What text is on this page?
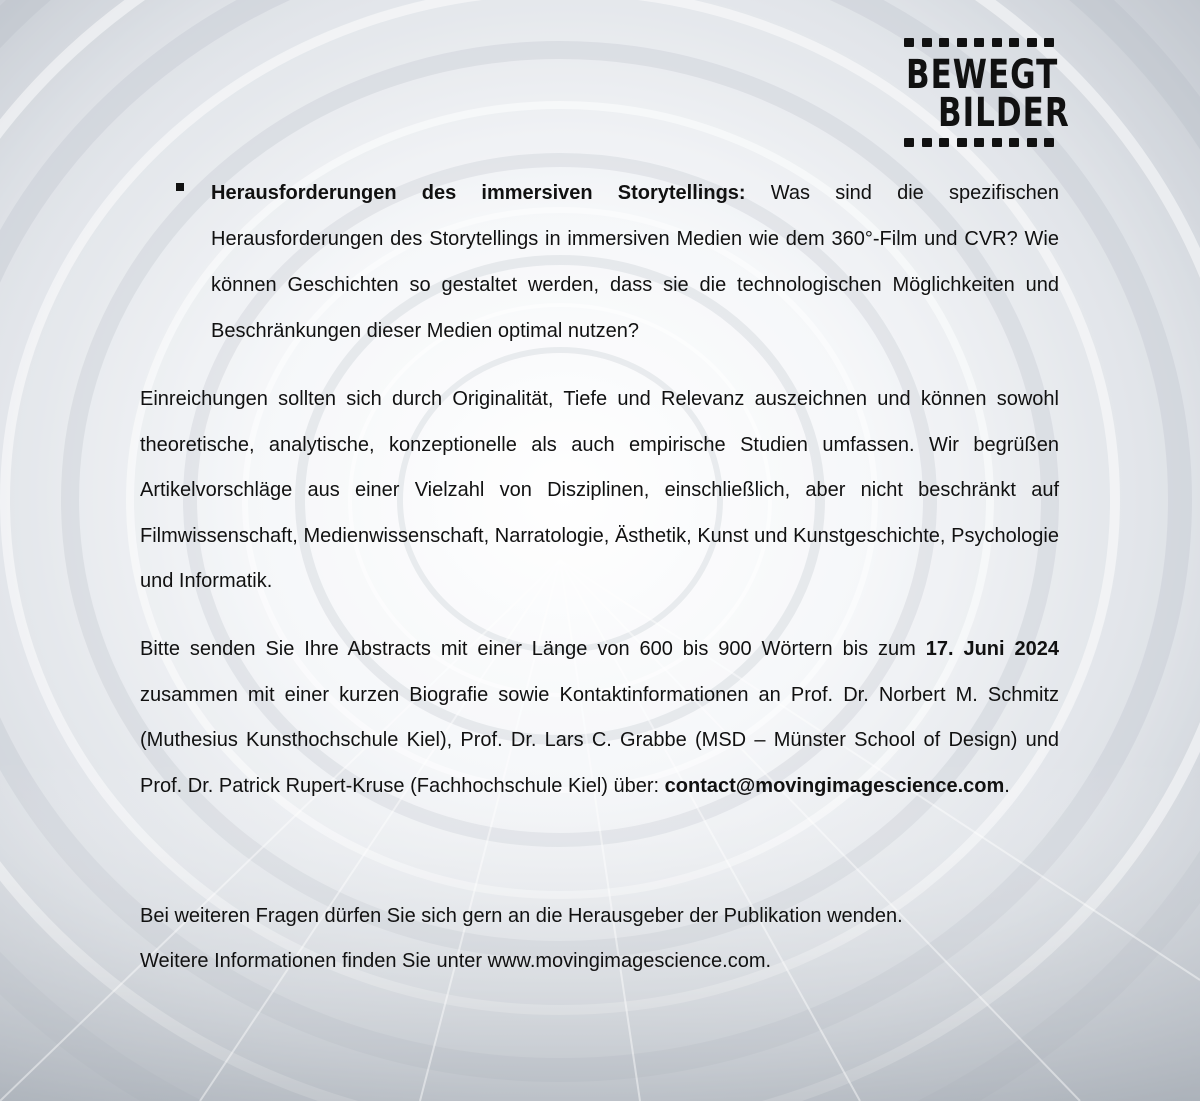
BEWEGT
BILDER
Herausforderungen des immersiven Storytellings: Was sind die spezifischen Herausforderungen des Storytellings in immersiven Medien wie dem 360°-Film und CVR? Wie können Geschichten so gestaltet werden, dass sie die technologischen Möglichkeiten und Beschränkungen dieser Medien optimal nutzen?
Einreichungen sollten sich durch Originalität, Tiefe und Relevanz auszeichnen und können sowohl theoretische, analytische, konzeptionelle als auch empirische Studien umfassen. Wir begrüßen Artikelvorschläge aus einer Vielzahl von Disziplinen, einschließlich, aber nicht beschränkt auf Filmwissenschaft, Medienwissenschaft, Narratologie, Ästhetik, Kunst und Kunstgeschichte, Psychologie und Informatik.
Bitte senden Sie Ihre Abstracts mit einer Länge von 600 bis 900 Wörtern bis zum 17. Juni 2024 zusammen mit einer kurzen Biografie sowie Kontaktinformationen an Prof. Dr. Norbert M. Schmitz (Muthesius Kunsthochschule Kiel), Prof. Dr. Lars C. Grabbe (MSD – Münster School of Design) und Prof. Dr. Patrick Rupert-Kruse (Fachhochschule Kiel) über: contact@movingimagescience.com.
Bei weiteren Fragen dürfen Sie sich gern an die Herausgeber der Publikation wenden.
Weitere Informationen finden Sie unter www.movingimagescience.com.
